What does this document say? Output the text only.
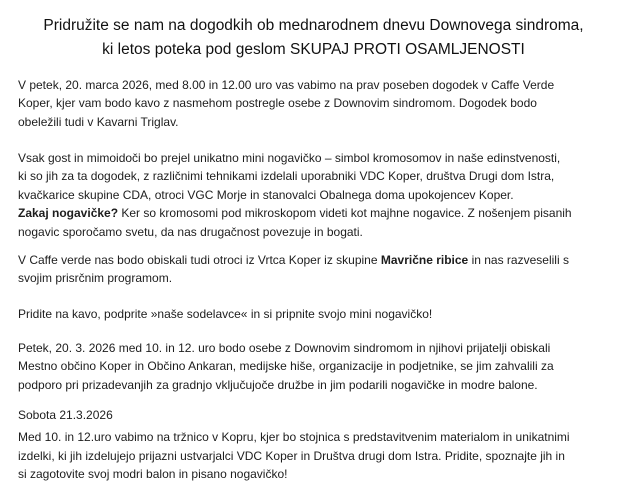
Pridružite se nam na dogodkih ob mednarodnem dnevu Downovega sindroma,
ki letos poteka pod geslom SKUPAJ PROTI OSAMLJENOSTI
V petek, 20. marca 2026, med 8.00 in 12.00 uro vas vabimo na prav poseben dogodek v Caffe Verde
Koper, kjer vam bodo kavo z nasmehom postregle osebe z Downovim sindromom. Dogodek bodo
obeležili tudi v Kavarni Triglav.
Vsak gost in mimoidoči bo prejel unikatno mini nogavičko – simbol kromosomov in naše edinstvenosti,
ki so jih za ta dogodek, z različnimi tehnikami izdelali uporabniki VDC Koper, društva Drugi dom Istra,
kvačkarice skupine CDA, otroci VGC Morje in stanovalci Obalnega doma upokojencev Koper.
Zakaj nogavičke? Ker so kromosomi pod mikroskopom videti kot majhne nogavice. Z nošenjem pisanih
nogavic sporočamo svetu, da nas drugačnost povezuje in bogati.
V Caffe verde nas bodo obiskali tudi otroci iz Vrtca Koper iz skupine Mavrične ribice in nas razveselili s
svojim prisrčnim programom.
Pridite na kavo, podprite »naše sodelavce« in si pripnite svojo mini nogavičko!
Petek, 20. 3. 2026 med 10. in 12. uro bodo osebe z Downovim sindromom in njihovi prijatelji obiskali
Mestno občino Koper in Občino Ankaran, medijske hiše, organizacije in podjetnike, se jim zahvalili za
podporo pri prizadevanjih za gradnjo vključujoče družbe in jim podarili nogavičke in modre balone.
Sobota 21.3.2026
Med 10. in 12.uro vabimo na tržnico v Kopru, kjer bo stojnica s predstavitvenim materialom in unikatnimi
izdelki, ki jih izdelujejo prijazni ustvarjalci VDC Koper in Društva drugi dom Istra. Pridite, spoznajte jih in
si zagotovite svoj modri balon in pisano nogavičko!
